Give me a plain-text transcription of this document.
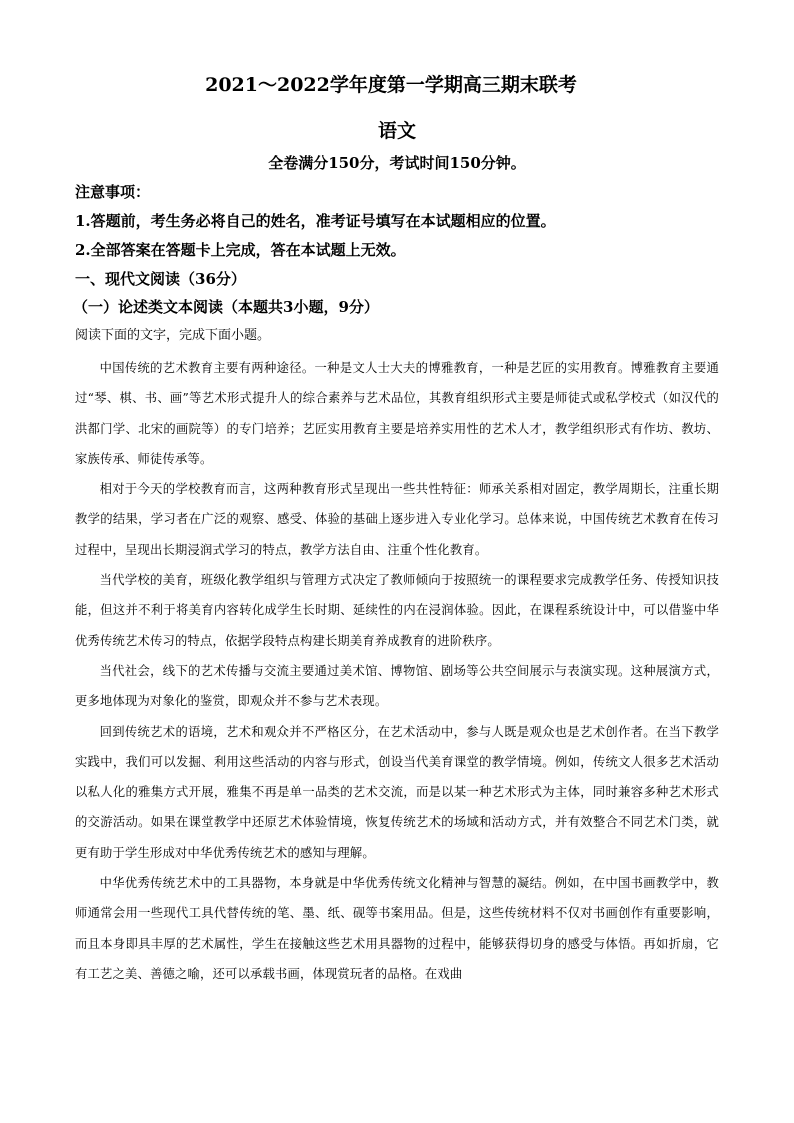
2021～2022学年度第一学期高三期末联考
语文

全卷满分150分，考试时间150分钟。

注意事项：

1.答题前，考生务必将自己的姓名，准考证号填写在本试题相应的位置。

2.全部答案在答题卡上完成，答在本试题上无效。

一、现代文阅读（36分）

（一）论述类文本阅读（本题共3小题，9分）

阅读下面的文字，完成下面小题。

中国传统的艺术教育主要有两种途径。一种是文人士大夫的博雅教育，一种是艺匠的实用教育。博雅教育主要通过“琴、棋、书、画”等艺术形式提升人的综合素养与艺术品位，其教育组织形式主要是师徒式或私学校式（如汉代的洪都门学、北宋的画院等）的专门培养；艺匠实用教育主要是培养实用性的艺术人才，教学组织形式有作坊、教坊、家族传承、师徒传承等。

相对于今天的学校教育而言，这两种教育形式呈现出一些共性特征：师承关系相对固定，教学周期长，注重长期教学的结果，学习者在广泛的观察、感受、体验的基础上逐步进入专业化学习。总体来说，中国传统艺术教育在传习过程中，呈现出长期浸润式学习的特点，教学方法自由、注重个性化教育。

当代学校的美育，班级化教学组织与管理方式决定了教师倾向于按照统一的课程要求完成教学任务、传授知识技能，但这并不利于将美育内容转化成学生长时期、延续性的内在浸润体验。因此，在课程系统设计中，可以借鉴中华优秀传统艺术传习的特点，依据学段特点构建长期美育养成教育的进阶秩序。

当代社会，线下的艺术传播与交流主要通过美术馆、博物馆、剧场等公共空间展示与表演实现。这种展演方式，更多地体现为对象化的鉴赏，即观众并不参与艺术表现。

回到传统艺术的语境，艺术和观众并不严格区分，在艺术活动中，参与人既是观众也是艺术创作者。在当下教学实践中，我们可以发掘、利用这些活动的内容与形式，创设当代美育课堂的教学情境。例如，传统文人很多艺术活动以私人化的雅集方式开展，雅集不再是单一品类的艺术交流，而是以某一种艺术形式为主体，同时兼容多种艺术形式的交游活动。如果在课堂教学中还原艺术体验情境，恢复传统艺术的场域和活动方式，并有效整合不同艺术门类，就更有助于学生形成对中华优秀传统艺术的感知与理解。

中华优秀传统艺术中的工具器物，本身就是中华优秀传统文化精神与智慧的凝结。例如，在中国书画教学中，教师通常会用一些现代工具代替传统的笔、墨、纸、砚等书案用品。但是，这些传统材料不仅对书画创作有重要影响，而且本身即具丰厚的艺术属性，学生在接触这些艺术用具器物的过程中，能够获得切身的感受与体悟。再如折扇，它有工艺之美、善德之喻，还可以承载书画，体现赏玩者的品格。在戏曲
